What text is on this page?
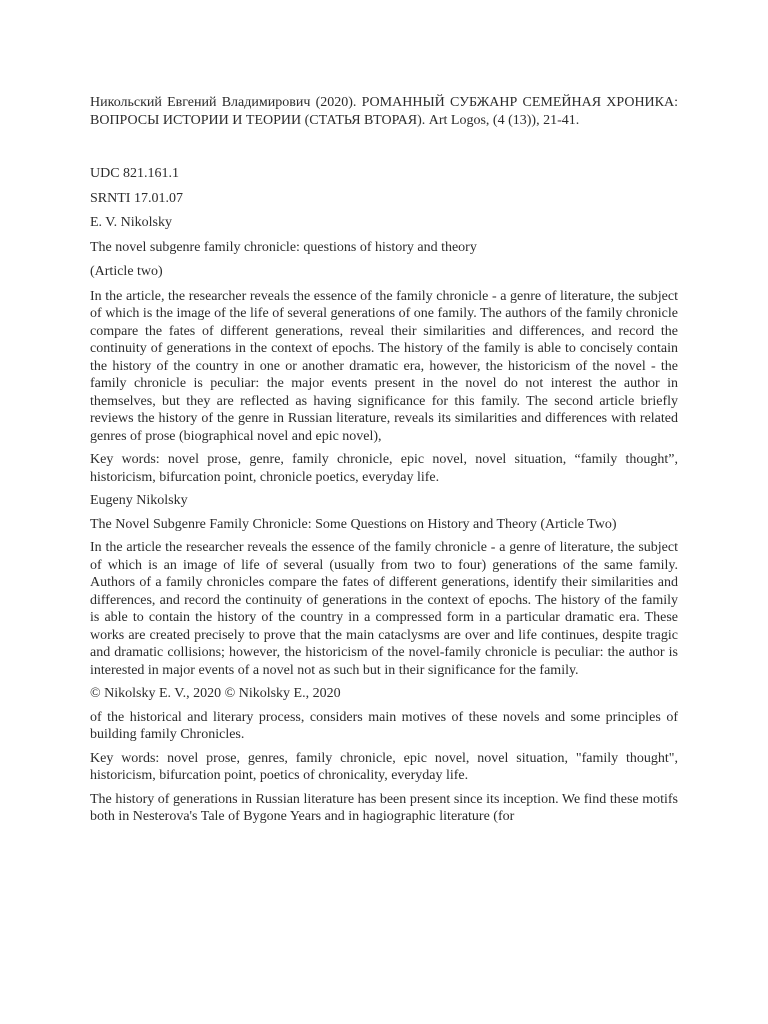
Никольский Евгений Владимирович (2020). РОМАННЫЙ СУБЖАНР СЕМЕЙНАЯ ХРОНИКА: ВОПРОСЫ ИСТОРИИ И ТЕОРИИ (СТАТЬЯ ВТОРАЯ). Art Logos, (4 (13)), 21-41.

UDC 821.161.1

SRNTI 17.01.07

E. V. Nikolsky

The novel subgenre family chronicle: questions of history and theory

(Article two)

In the article, the researcher reveals the essence of the family chronicle - a genre of literature, the subject of which is the image of the life of several generations of one family. The authors of the family chronicle compare the fates of different generations, reveal their similarities and differences, and record the continuity of generations in the context of epochs. The history of the family is able to concisely contain the history of the country in one or another dramatic era, however, the historicism of the novel - the family chronicle is peculiar: the major events present in the novel do not interest the author in themselves, but they are reflected as having significance for this family. The second article briefly reviews the history of the genre in Russian literature, reveals its similarities and differences with related genres of prose (biographical novel and epic novel),

Key words: novel prose, genre, family chronicle, epic novel, novel situation, “family thought”, historicism, bifurcation point, chronicle poetics, everyday life.

Eugeny Nikolsky

The Novel Subgenre Family Chronicle: Some Questions on History and Theory (Article Two)

In the article the researcher reveals the essence of the family chronicle - a genre of literature, the subject of which is an image of life of several (usually from two to four) generations of the same family. Authors of a family chronicles compare the fates of different generations, identify their similarities and differences, and record the continuity of generations in the context of epochs. The history of the family is able to contain the history of the country in a compressed form in a particular dramatic era. These works are created precisely to prove that the main cataclysms are over and life continues, despite tragic and dramatic collisions; however, the historicism of the novel-family chronicle is peculiar: the author is interested in major events of a novel not as such but in their significance for the family.

© Nikolsky E. V., 2020 © Nikolsky E., 2020

of the historical and literary process, considers main motives of these novels and some principles of building family Chronicles.

Key words: novel prose, genres, family chronicle, epic novel, novel situation, "family thought", historicism, bifurcation point, poetics of chronicality, everyday life.

The history of generations in Russian literature has been present since its inception. We find these motifs both in Nesterova's Tale of Bygone Years and in hagiographic literature (for
